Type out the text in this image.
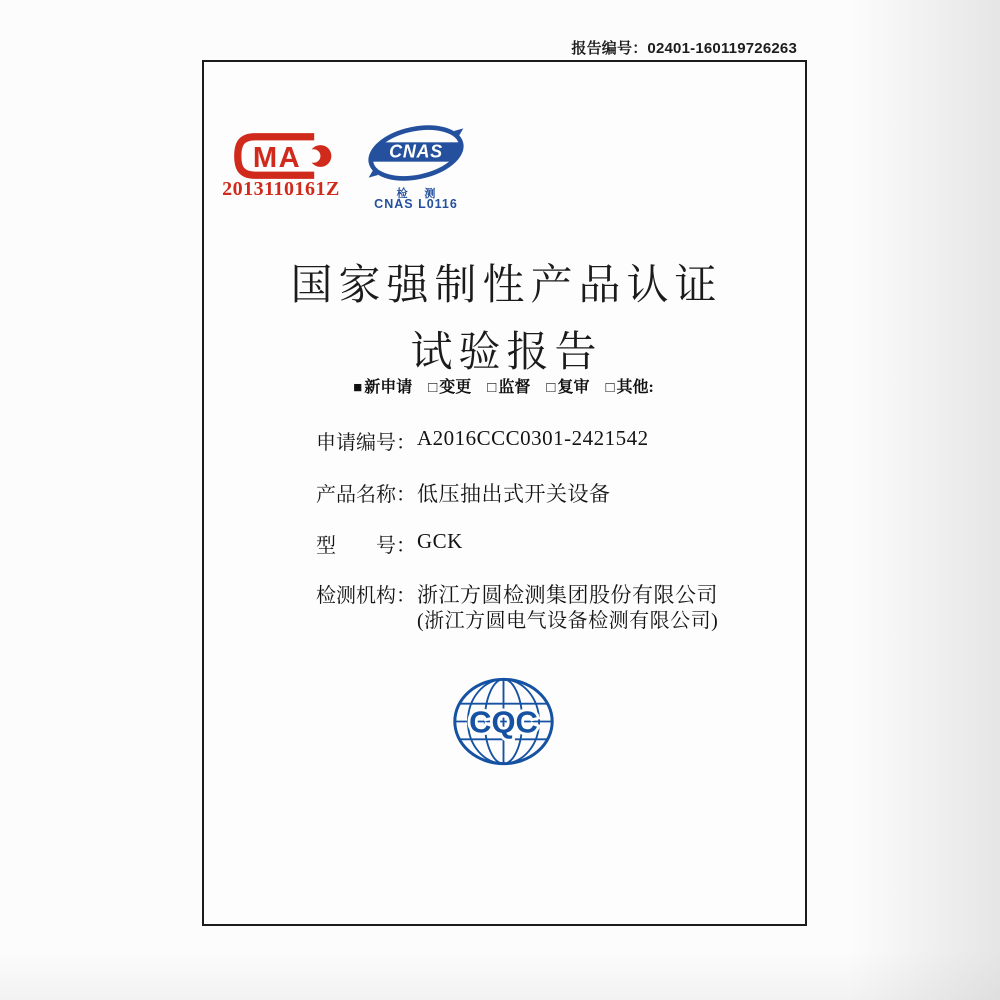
报告编号：02401-160119726263
MA
2013110161Z
CNAS
检 测
CNAS L0116
国家强制性产品认证
试验报告
■ 新申请 □ 变更 □ 监督 □ 复审 □ 其他:
申请编号： A2016CCC0301-2421542
产品名称： 低压抽出式开关设备
型　　号： GCK
检测机构： 浙江方圆检测集团股份有限公司
(浙江方圆电气设备检测有限公司)
CQC
